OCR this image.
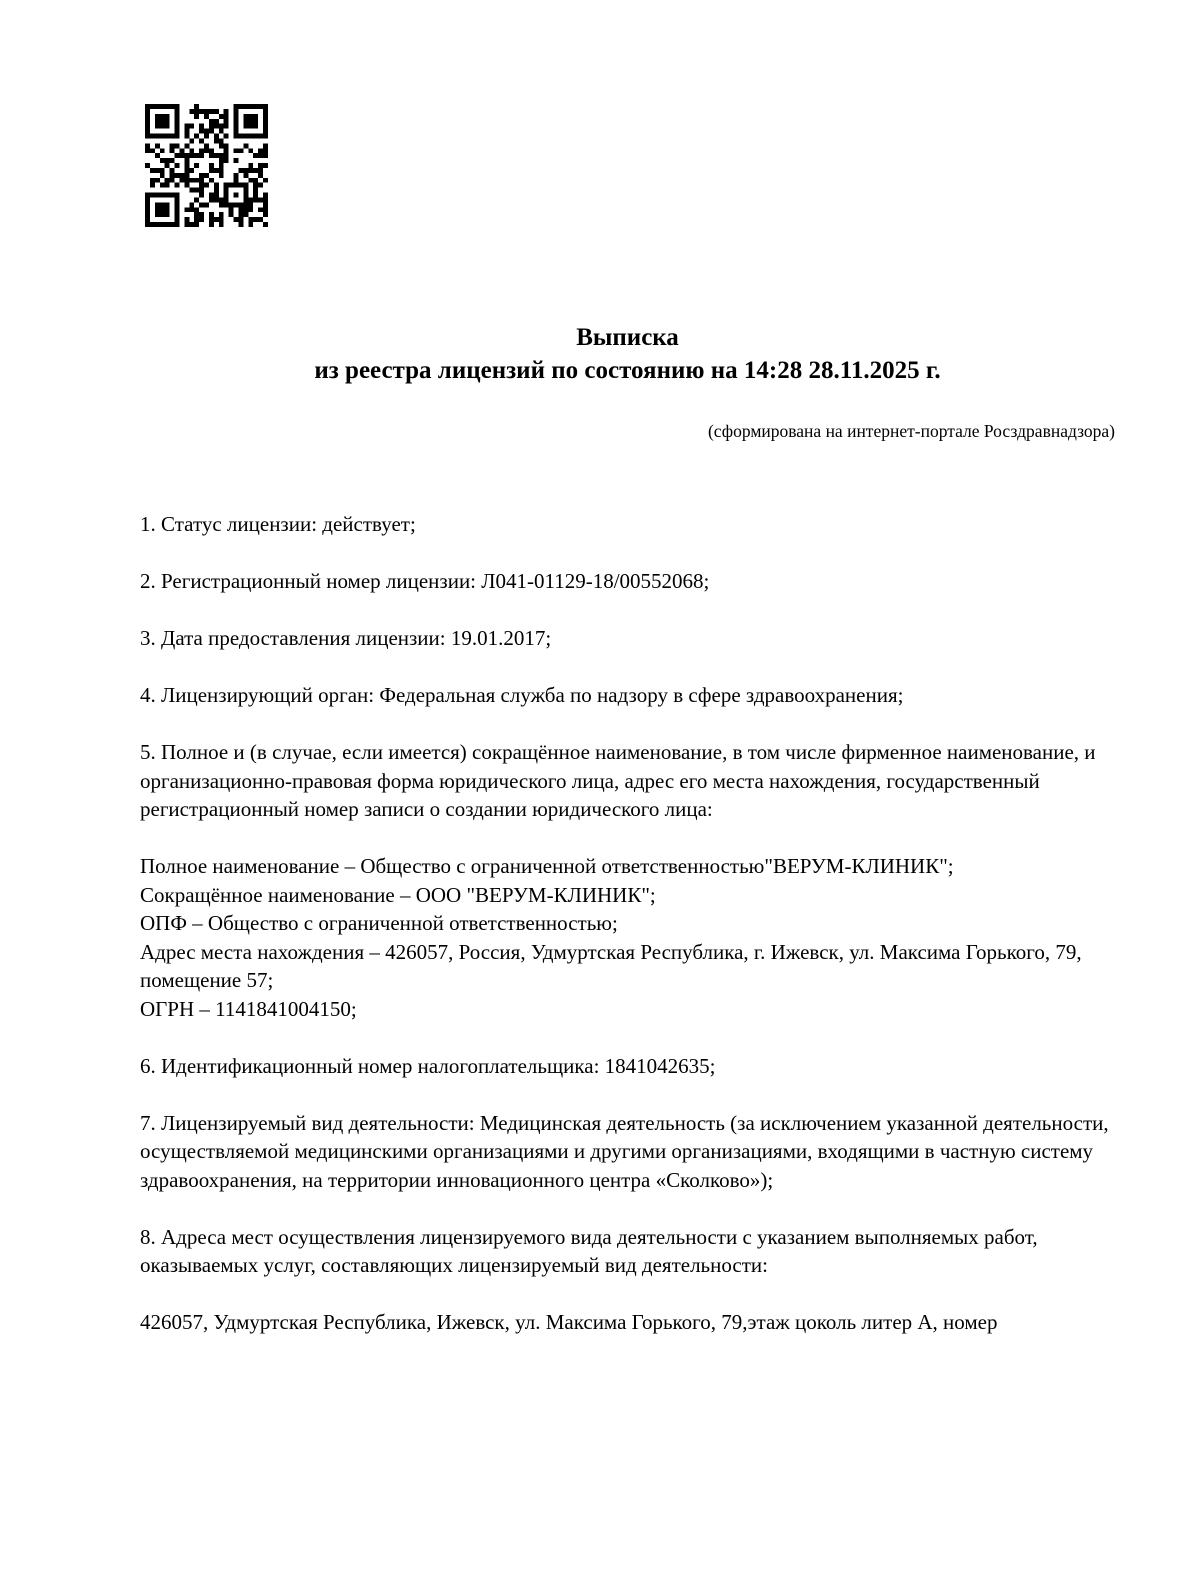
Выписка
из реестра лицензий по состоянию на 14:28 28.11.2025 г.
(сформирована на интернет-портале Росздравнадзора)

1. Статус лицензии: действует;

2. Регистрационный номер лицензии: Л041-01129-18/00552068;

3. Дата предоставления лицензии: 19.01.2017;

4. Лицензирующий орган: Федеральная служба по надзору в сфере здравоохранения;

5. Полное и (в случае, если имеется) сокращённое наименование, в том числе фирменное наименование, и организационно-правовая форма юридического лица, адрес его места нахождения, государственный регистрационный номер записи о создании юридического лица:

Полное наименование – Общество с ограниченной ответственностью"ВЕРУМ-КЛИНИК";
Сокращённое наименование – ООО "ВЕРУМ-КЛИНИК";
ОПФ – Общество с ограниченной ответственностью;
Адрес места нахождения – 426057, Россия, Удмуртская Республика, г. Ижевск, ул. Максима Горького, 79, помещение 57;
ОГРН – 1141841004150;

6. Идентификационный номер налогоплательщика: 1841042635;

7. Лицензируемый вид деятельности: Медицинская деятельность (за исключением указанной деятельности, осуществляемой медицинскими организациями и другими организациями, входящими в частную систему здравоохранения, на территории инновационного центра «Сколково»);

8. Адреса мест осуществления лицензируемого вида деятельности с указанием выполняемых работ, оказываемых услуг, составляющих лицензируемый вид деятельности:

426057, Удмуртская Республика, Ижевск, ул. Максима Горького, 79,этаж цоколь литер А, номер
